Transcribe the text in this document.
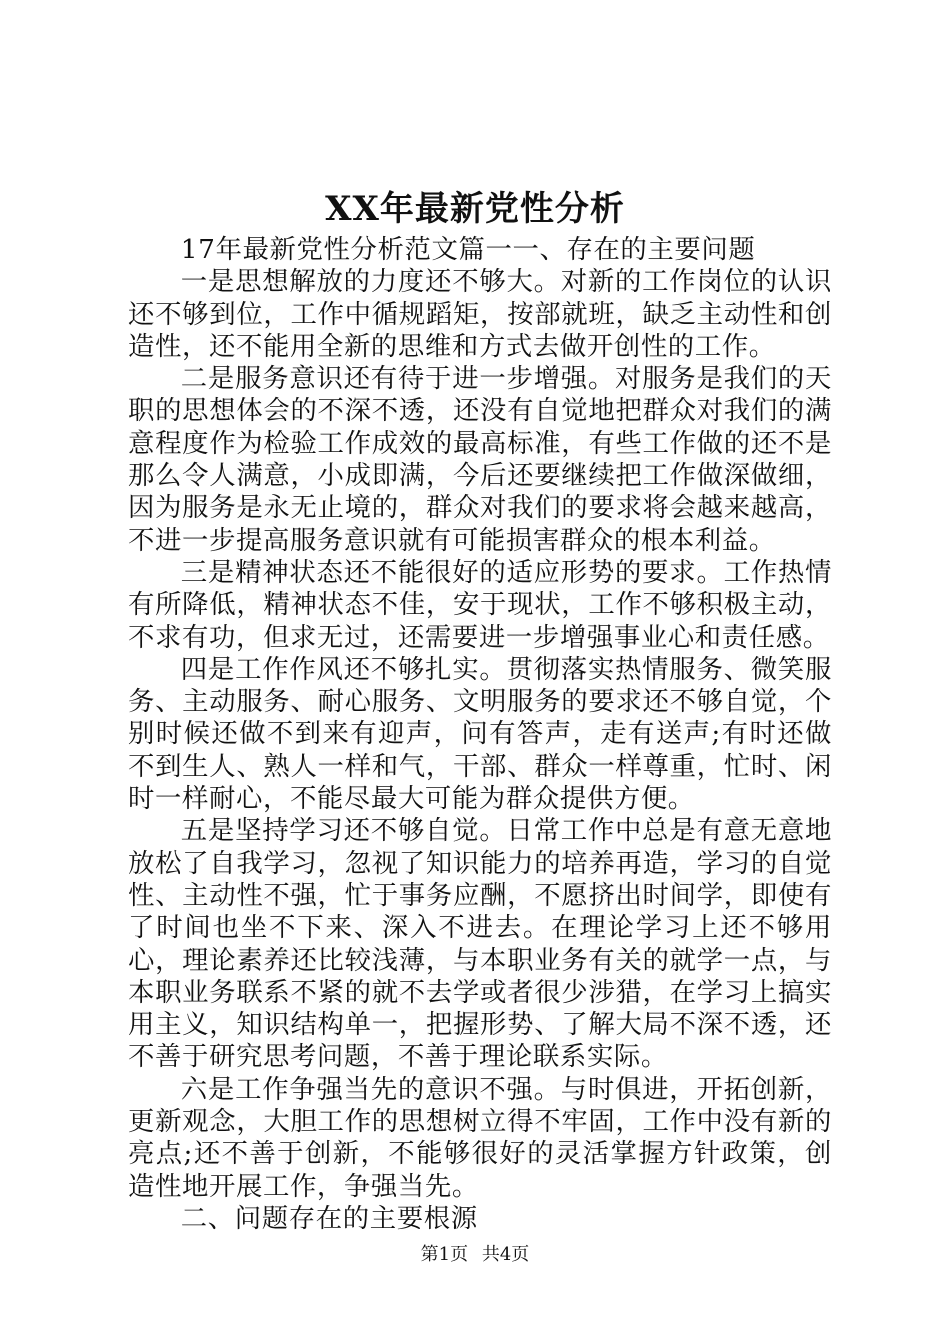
XX年最新党性分析

17年最新党性分析范文篇一一、存在的主要问题

一是思想解放的力度还不够大。对新的工作岗位的认识还不够到位，工作中循规蹈矩，按部就班，缺乏主动性和创造性，还不能用全新的思维和方式去做开创性的工作。

二是服务意识还有待于进一步增强。对服务是我们的天职的思想体会的不深不透，还没有自觉地把群众对我们的满意程度作为检验工作成效的最高标准，有些工作做的还不是那么令人满意，小成即满，今后还要继续把工作做深做细，因为服务是永无止境的，群众对我们的要求将会越来越高，不进一步提高服务意识就有可能损害群众的根本利益。

三是精神状态还不能很好的适应形势的要求。工作热情有所降低，精神状态不佳，安于现状，工作不够积极主动，不求有功，但求无过，还需要进一步增强事业心和责任感。

四是工作作风还不够扎实。贯彻落实热情服务、微笑服务、主动服务、耐心服务、文明服务的要求还不够自觉，个别时候还做不到来有迎声，问有答声，走有送声;有时还做不到生人、熟人一样和气，干部、群众一样尊重，忙时、闲时一样耐心，不能尽最大可能为群众提供方便。

五是坚持学习还不够自觉。日常工作中总是有意无意地放松了自我学习，忽视了知识能力的培养再造，学习的自觉性、主动性不强，忙于事务应酬，不愿挤出时间学，即使有了时间也坐不下来、深入不进去。在理论学习上还不够用心，理论素养还比较浅薄，与本职业务有关的就学一点，与本职业务联系不紧的就不去学或者很少涉猎，在学习上搞实用主义，知识结构单一，把握形势、了解大局不深不透，还不善于研究思考问题，不善于理论联系实际。

六是工作争强当先的意识不强。与时俱进，开拓创新，更新观念，大胆工作的思想树立得不牢固，工作中没有新的亮点;还不善于创新，不能够很好的灵活掌握方针政策，创造性地开展工作，争强当先。

二、问题存在的主要根源

第1页 共4页
